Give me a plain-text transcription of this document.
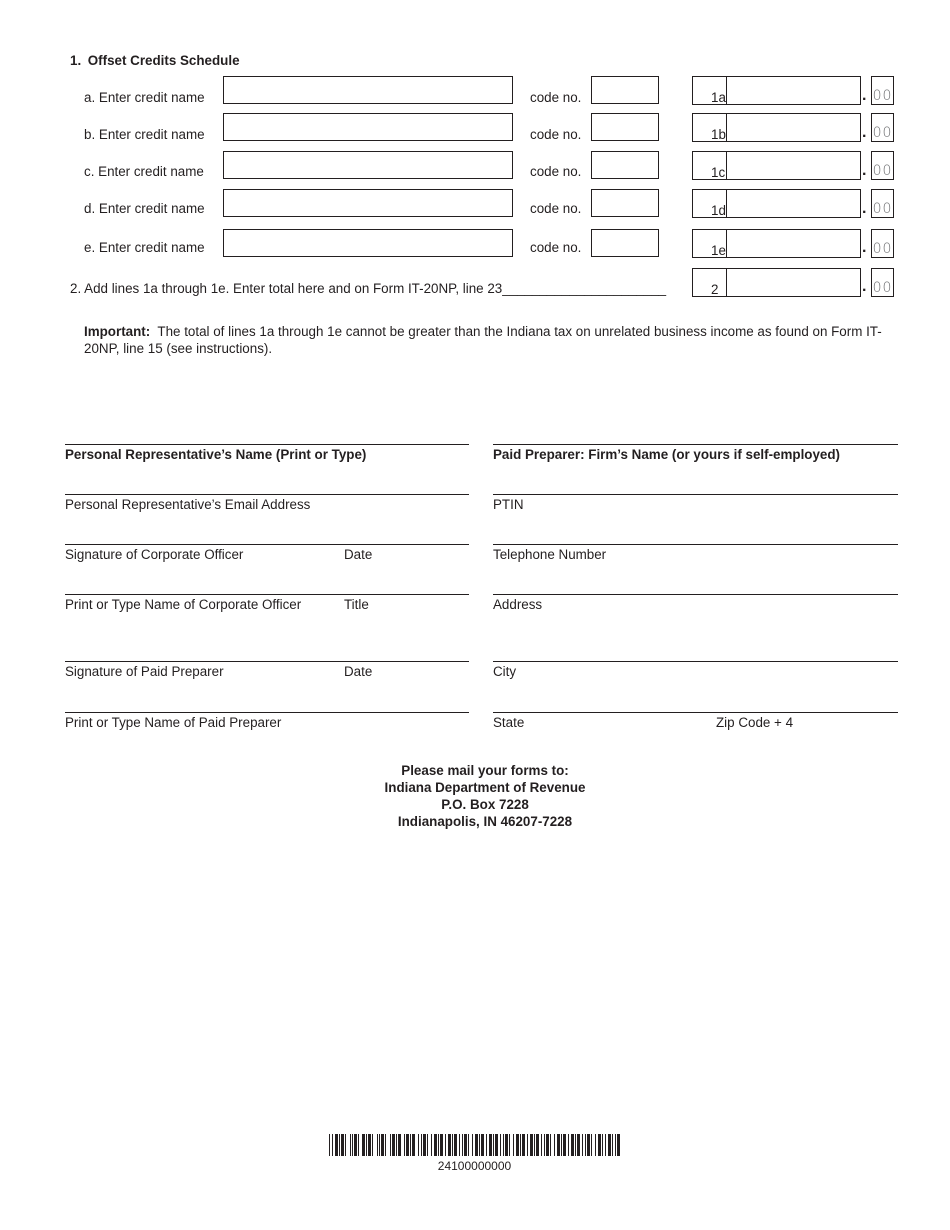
1. Offset Credits Schedule
a. Enter credit name	code no.	1a	. 00
b. Enter credit name	code no.	1b	. 00
c. Enter credit name	code no.	1c	. 00
d. Enter credit name	code no.	1d	. 00
e. Enter credit name	code no.	1e	. 00
2. Add lines 1a through 1e. Enter total here and on Form IT-20NP, line 23______________________	2	. 00
Important: The total of lines 1a through 1e cannot be greater than the Indiana tax on unrelated business income as found on Form IT-20NP, line 15 (see instructions).
Personal Representative’s Name (Print or Type)
Personal Representative’s Email Address
Signature of Corporate Officer	Date
Print or Type Name of Corporate Officer	Title
Signature of Paid Preparer	Date
Print or Type Name of Paid Preparer
Paid Preparer: Firm’s Name (or yours if self-employed)
PTIN
Telephone Number
Address
City
State	Zip Code + 4
Please mail your forms to:
Indiana Department of Revenue
P.O. Box 7228
Indianapolis, IN 46207-7228
24100000000
